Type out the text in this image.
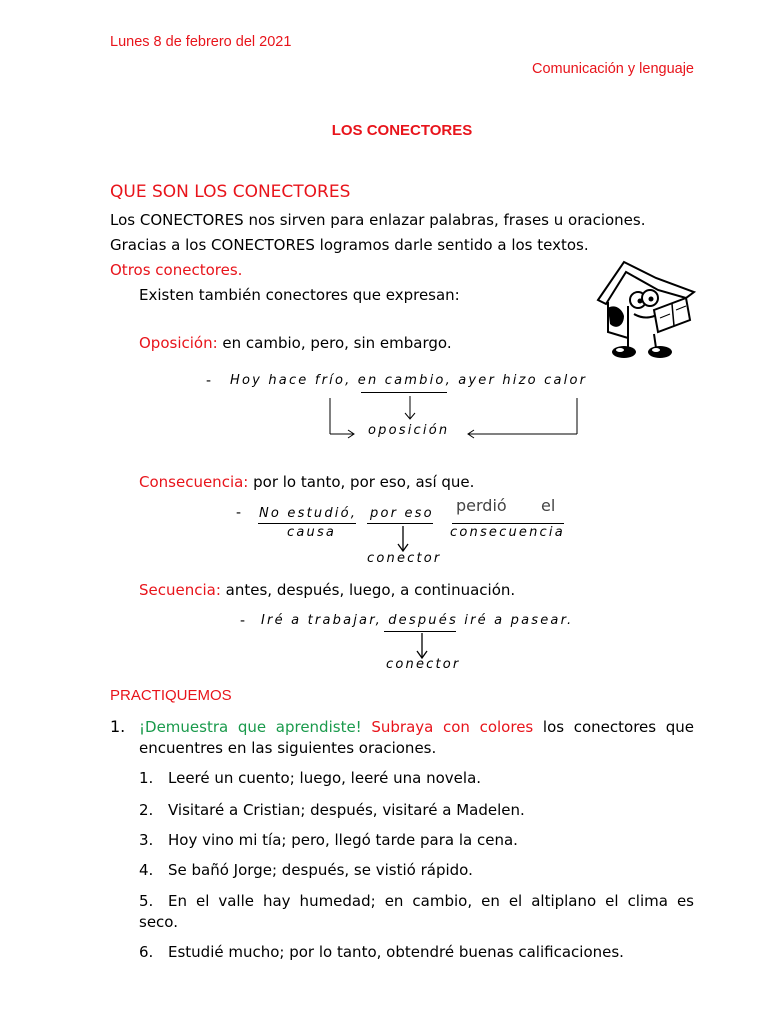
Lunes 8 de febrero del 2021
Comunicación y lenguaje
LOS CONECTORES
QUE SON LOS CONECTORES
Los CONECTORES nos sirven para enlazar palabras, frases u oraciones.
Gracias a los CONECTORES logramos darle sentido a los textos.
Otros conectores.
Existen también conectores que expresan:
Oposición: en cambio, pero, sin embargo.
- Hoy hace frío, en cambio, ayer hizo calor
oposición
Consecuencia: por lo tanto, por eso, así que.
- No estudió, por eso perdió el
causa	consecuencia
conector
Secuencia: antes, después, luego, a continuación.
- Iré a trabajar, después iré a pasear.
conector
PRACTIQUEMOS
1. ¡Demuestra que aprendiste! Subraya con colores los conectores que
encuentres en las siguientes oraciones.
1. Leeré un cuento; luego, leeré una novela.
2. Visitaré a Cristian; después, visitaré a Madelen.
3. Hoy vino mi tía; pero, llegó tarde para la cena.
4. Se bañó Jorge; después, se vistió rápido.
5. En el valle hay humedad; en cambio, en el altiplano el clima es
seco.
6. Estudié mucho; por lo tanto, obtendré buenas calificaciones.
